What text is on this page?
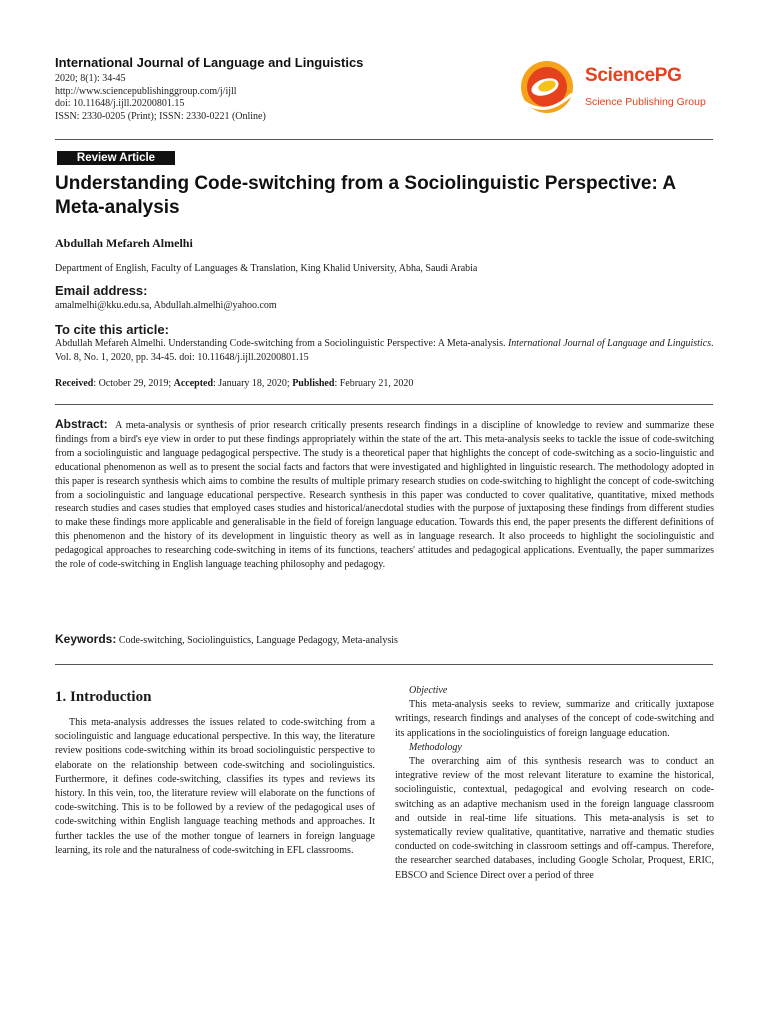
International Journal of Language and Linguistics
2020; 8(1): 34-45
http://www.sciencepublishinggroup.com/j/ijll
doi: 10.11648/j.ijll.20200801.15
ISSN: 2330-0205 (Print); ISSN: 2330-0221 (Online)
SciencePG
Science Publishing Group
Review Article
Understanding Code-switching from a Sociolinguistic Perspective: A Meta-analysis
Abdullah Mefareh Almelhi
Department of English, Faculty of Languages & Translation, King Khalid University, Abha, Saudi Arabia
Email address:
amalmelhi@kku.edu.sa, Abdullah.almelhi@yahoo.com
To cite this article:
Abdullah Mefareh Almelhi. Understanding Code-switching from a Sociolinguistic Perspective: A Meta-analysis. International Journal of Language and Linguistics. Vol. 8, No. 1, 2020, pp. 34-45. doi: 10.11648/j.ijll.20200801.15
Received: October 29, 2019; Accepted: January 18, 2020; Published: February 21, 2020
Abstract: A meta-analysis or synthesis of prior research critically presents research findings in a discipline of knowledge to review and summarize these findings from a bird's eye view in order to put these findings appropriately within the state of the art. This meta-analysis seeks to tackle the issue of code-switching from a sociolinguistic and language pedagogical perspective. The study is a theoretical paper that highlights the concept of code-switching as a socio-linguistic and educational phenomenon as well as to present the social facts and factors that were investigated and highlighted in linguistic research. The methodology adopted in this paper is research synthesis which aims to combine the results of multiple primary research studies on code-switching to highlight the concept of code-switching from a sociolinguistic and language educational perspective. Research synthesis in this paper was conducted to cover qualitative, quantitative, mixed methods research studies and cases studies that employed cases studies and historical/anecdotal studies with the purpose of juxtaposing these findings from different studies to make these findings more applicable and generalisable in the field of foreign language education. Towards this end, the paper presents the different definitions of this phenomenon and the history of its development in linguistic theory as well as in language research. It also proceeds to highlight the sociolinguistic and pedagogical approaches to researching code-switching in items of its functions, teachers' attitudes and pedagogical applications. Eventually, the paper summarizes the role of code-switching in English language teaching philosophy and pedagogy.
Keywords: Code-switching, Sociolinguistics, Language Pedagogy, Meta-analysis
1. Introduction

This meta-analysis addresses the issues related to code-switching from a sociolinguistic and language educational perspective. In this way, the literature review positions code-switching within its broad sociolinguistic perspective to elaborate on the relationship between code-switching and sociolinguistics. Furthermore, it defines code-switching, classifies its types and reviews its history. In this vein, too, the literature review will elaborate on the functions of code-switching. This is to be followed by a review of the pedagogical uses of code-switching within English language teaching methods and approaches. It further tackles the use of the mother tongue of learners in foreign language learning, its role and the naturalness of code-switching in EFL classrooms.

Objective

This meta-analysis seeks to review, summarize and critically juxtapose writings, research findings and analyses of the concept of code-switching and its applications in the sociolinguistics of foreign language education.

Methodology

The overarching aim of this synthesis research was to conduct an integrative review of the most relevant literature to examine the historical, sociolinguistic, contextual, pedagogical and evolving research on code-switching as an adaptive mechanism used in the foreign language classroom and outside in real-time life situations. This meta-analysis is set to systematically review qualitative, quantitative, narrative and thematic studies conducted on code-switching in classroom settings and off-campus. Therefore, the researcher searched databases, including Google Scholar, Proquest, ERIC, EBSCO and Science Direct over a period of three
